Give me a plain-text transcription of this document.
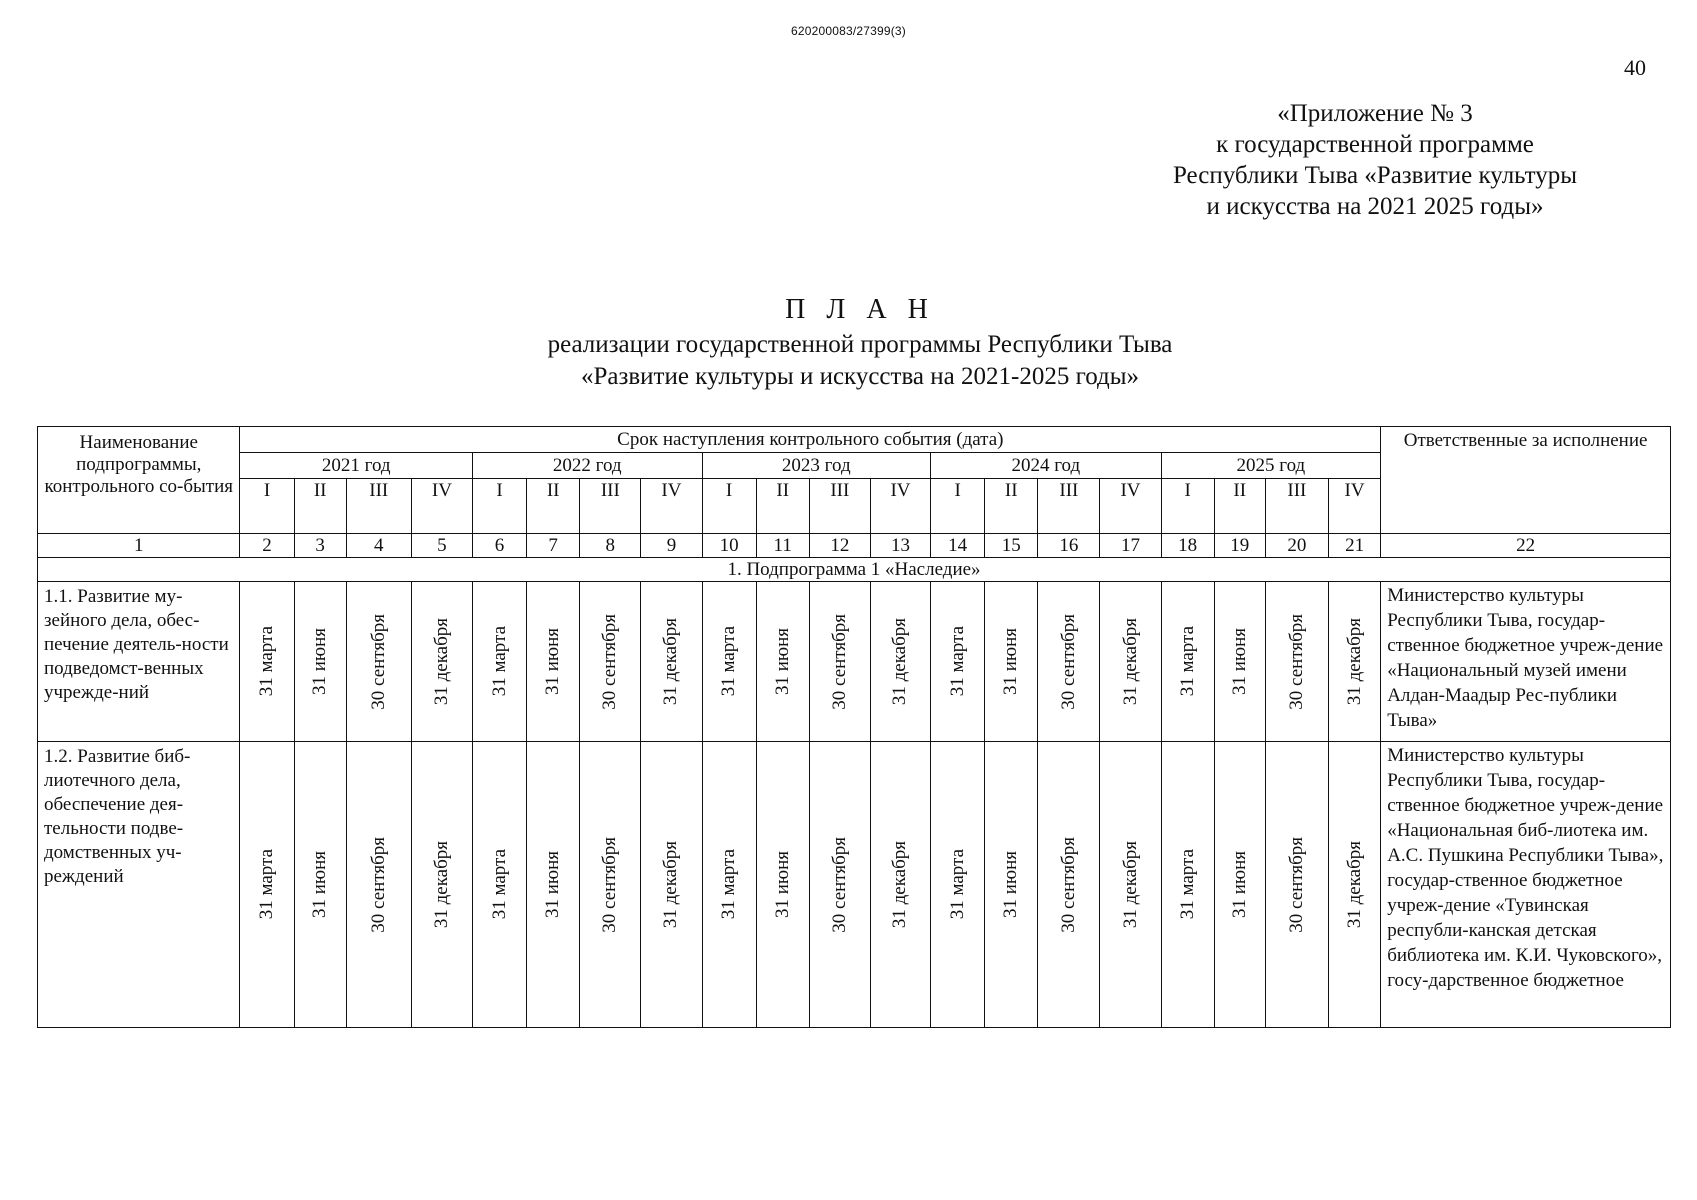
620200083/27399(3)
40
«Приложение № 3
к государственной программе
Республики Тыва «Развитие культуры
и искусства на 2021 2025 годы»
П Л А Н
реализации государственной программы Республики Тыва
«Развитие культуры и искусства на 2021-2025 годы»
Наименование подпрограммы, контрольного со-бытия	Срок наступления контрольного события (дата)																				Ответственные за исполнение
	2021 год				2022 год				2023 год				2024 год				2025 год				
	I	II	III	IV	I	II	III	IV	I	II	III	IV	I	II	III	IV	I	II	III	IV	
1	2	3	4	5	6	7	8	9	10	11	12	13	14	15	16	17	18	19	20	21	22
1. Подпрограмма 1 «Наследие»																					
1.1. Развитие му-зейного дела, обес-печение деятель-ности подведомст-венных учрежде-ний	31 марта	31 июня	30 сентября	31 декабря	31 марта	31 июня	30 сентября	31 декабря	31 марта	31 июня	30 сентября	31 декабря	31 марта	31 июня	30 сентября	31 декабря	31 марта	31 июня	30 сентября	31 декабря	Министерство культуры Республики Тыва, государ-ственное бюджетное учреж-дение «Национальный музей имени Алдан-Маадыр Рес-публики Тыва»
1.2. Развитие биб-лиотечного дела, обеспечение дея-тельности подве-домственных уч-реждений	31 марта	31 июня	30 сентября	31 декабря	31 марта	31 июня	30 сентября	31 декабря	31 марта	31 июня	30 сентября	31 декабря	31 марта	31 июня	30 сентября	31 декабря	31 марта	31 июня	30 сентября	31 декабря	Министерство культуры Республики Тыва, государ-ственное бюджетное учреж-дение «Национальная биб-лиотека им. А.С. Пушкина Республики Тыва», государ-ственное бюджетное учреж-дение «Тувинская республи-канская детская библиотека им. К.И. Чуковского», госу-дарственное бюджетное
